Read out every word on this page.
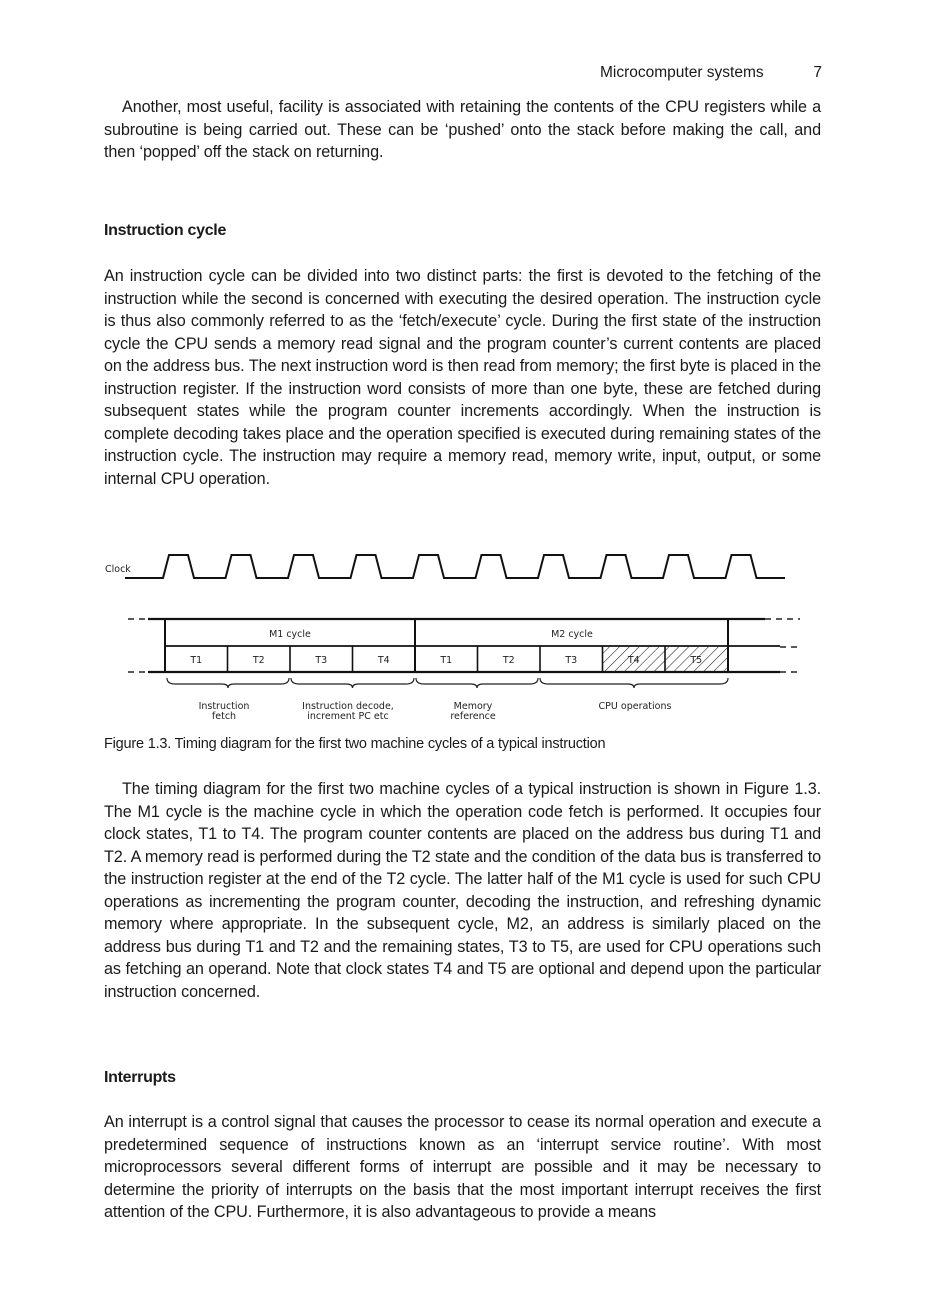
Microcomputer systems	7

Another, most useful, facility is associated with retaining the contents of the CPU registers while a subroutine is being carried out. These can be ‘pushed’ onto the stack before making the call, and then ‘popped’ off the stack on returning.

Instruction cycle

An instruction cycle can be divided into two distinct parts: the first is devoted to the fetching of the instruction while the second is concerned with executing the desired operation. The instruction cycle is thus also commonly referred to as the ‘fetch/execute’ cycle. During the first state of the instruction cycle the CPU sends a memory read signal and the program counter’s current contents are placed on the address bus. The next instruction word is then read from memory; the first byte is placed in the instruction register. If the instruction word consists of more than one byte, these are fetched during subsequent states while the program counter increments accordingly. When the instruction is complete decoding takes place and the operation specified is executed during remaining states of the instruction cycle. The instruction may require a memory read, memory write, input, output, or some internal CPU operation.

Clock
T1	T2	T3	T4	T1	T2	T3	T4	T5
M1 cycle	M2 cycle
Instruction
fetch
Instruction decode,
increment PC etc
Memory
reference
CPU operations
Figure 1.3. Timing diagram for the first two machine cycles of a typical instruction

The timing diagram for the first two machine cycles of a typical instruction is shown in Figure 1.3. The M1 cycle is the machine cycle in which the operation code fetch is performed. It occupies four clock states, T1 to T4. The program counter contents are placed on the address bus during T1 and T2. A memory read is performed during the T2 state and the condition of the data bus is transferred to the instruction register at the end of the T2 cycle. The latter half of the M1 cycle is used for such CPU operations as incrementing the program counter, decoding the instruction, and refreshing dynamic memory where appropriate. In the subsequent cycle, M2, an address is similarly placed on the address bus during T1 and T2 and the remaining states, T3 to T5, are used for CPU operations such as fetching an operand. Note that clock states T4 and T5 are optional and depend upon the particular instruction concerned.

Interrupts

An interrupt is a control signal that causes the processor to cease its normal operation and execute a predetermined sequence of instructions known as an ‘interrupt service routine’. With most microprocessors several different forms of interrupt are possible and it may be necessary to determine the priority of interrupts on the basis that the most important interrupt receives the first attention of the CPU. Furthermore, it is also advantageous to provide a means
